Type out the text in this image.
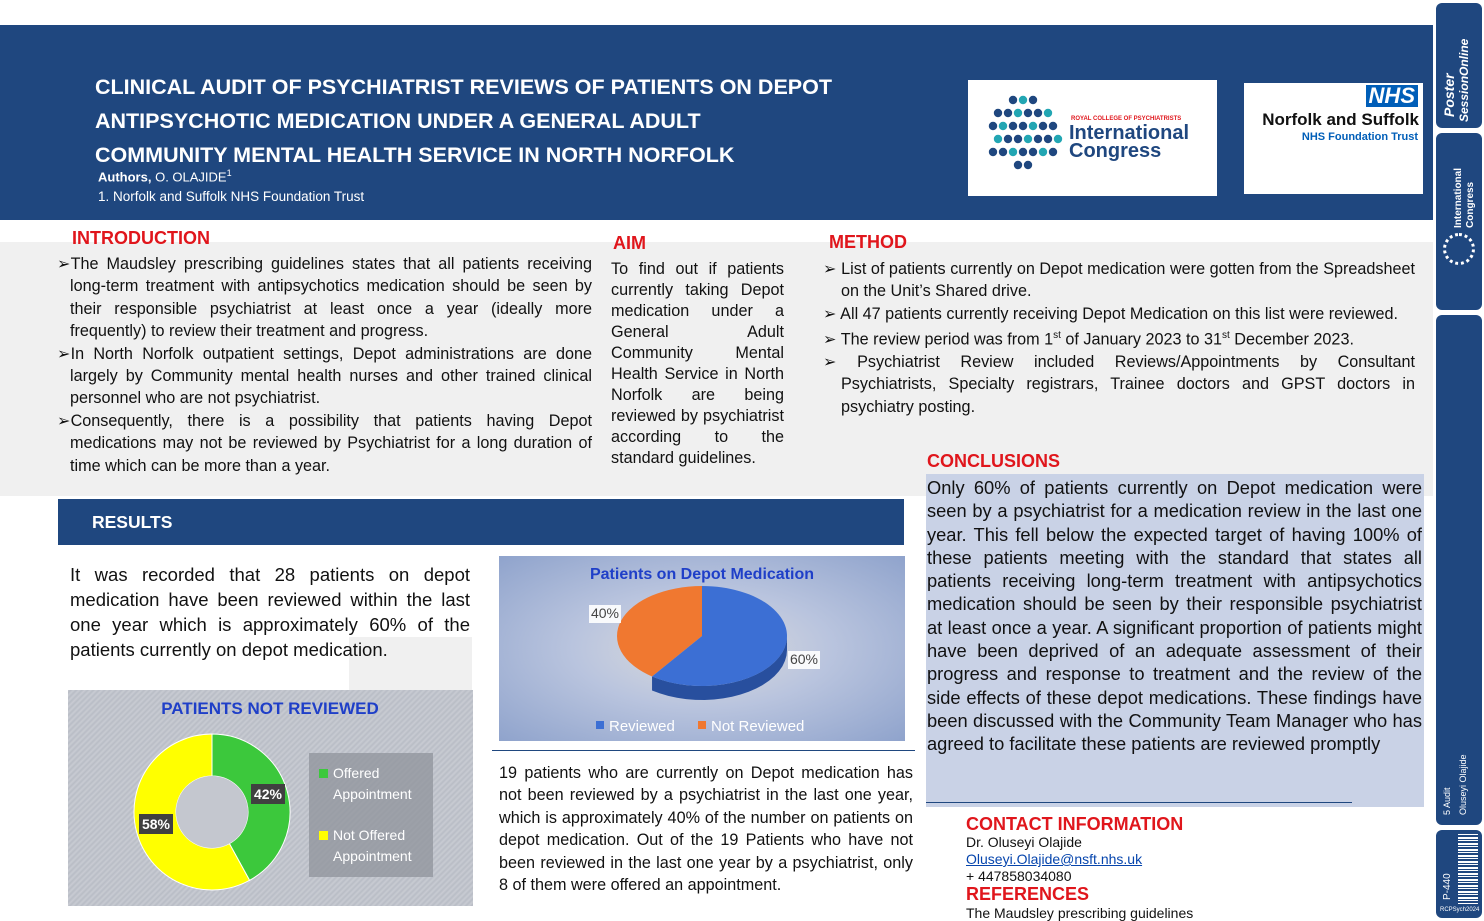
CLINICAL AUDIT OF PSYCHIATRIST REVIEWS OF PATIENTS ON DEPOT
ANTIPSYCHOTIC MEDICATION UNDER A GENERAL ADULT
COMMUNITY MENTAL HEALTH SERVICE IN NORTH NORFOLK
Authors, O. OLAJIDE$^1$
1. Norfolk and Suffolk NHS Foundation Trust
ROYAL COLLEGE OF PSYCHIATRISTS
International
Congress
NHS
Norfolk and Suffolk
NHS Foundation Trust
INTRODUCTION

➢The Maudsley prescribing guidelines states that all patients receiving long-term treatment with antipsychotics medication should be seen by their responsible psychiatrist at least once a year (ideally more frequently) to review their treatment and progress.

➢In North Norfolk outpatient settings, Depot administrations are done largely by Community mental health nurses and other trained clinical personnel who are not psychiatrist.

➢Consequently, there is a possibility that patients having Depot medications may not be reviewed by Psychiatrist for a long duration of time which can be more than a year.

AIM
To find out if patients currently taking Depot medication under a General Adult Community Mental Health Service in North Norfolk are being reviewed by psychiatrist according to the standard guidelines.
METHOD

➢ List of patients currently on Depot medication were gotten from the Spreadsheet on the Unit’s Shared drive.

➢ All 47 patients currently receiving Depot Medication on this list were reviewed.

➢ The review period was from 1st of January 2023 to 31st December 2023.

➢ Psychiatrist Review included Reviews/Appointments by Consultant Psychiatrists, Specialty registrars, Trainee doctors and GPST doctors in psychiatry posting.

RESULTS
It was recorded that 28 patients on depot medication have been reviewed within the last one year which is approximately 60% of the patients currently on depot medication.
Patients on Depot Medication
60%
40%
Reviewed Not Reviewed
PATIENTS NOT REVIEWED
42%
58%
Offered
Appointment
Not Offered
Appointment
19 patients who are currently on Depot medication has not been reviewed by a psychiatrist in the last one year, which is approximately 40% of the number on patients on depot medication. Out of the 19 Patients who have not been reviewed in the last one year by a psychiatrist, only 8 of them were offered an appointment.
CONCLUSIONS
Only 60% of patients currently on Depot medication were seen by a psychiatrist for a medication review in the last one year. This fell below the expected target of having 100% of these patients meeting with the standard that states all patients receiving long-term treatment with antipsychotics medication should be seen by their responsible psychiatrist at least once a year. A significant proportion of patients might have been deprived of an adequate assessment of their progress and response to treatment and the review of the side effects of these depot medications. These findings have been discussed with the Community Team Manager who has agreed to facilitate these patients are reviewed promptly
CONTACT INFORMATION
Dr. Oluseyi Olajide
Oluseyi.Olajide@nsft.nhs.uk
+ 447858034080
REFERENCES
The Maudsley prescribing guidelines
Poster SessionOnline
International Congress
5 Audit Oluseyi Olajide
P-440
RCPSych2024
